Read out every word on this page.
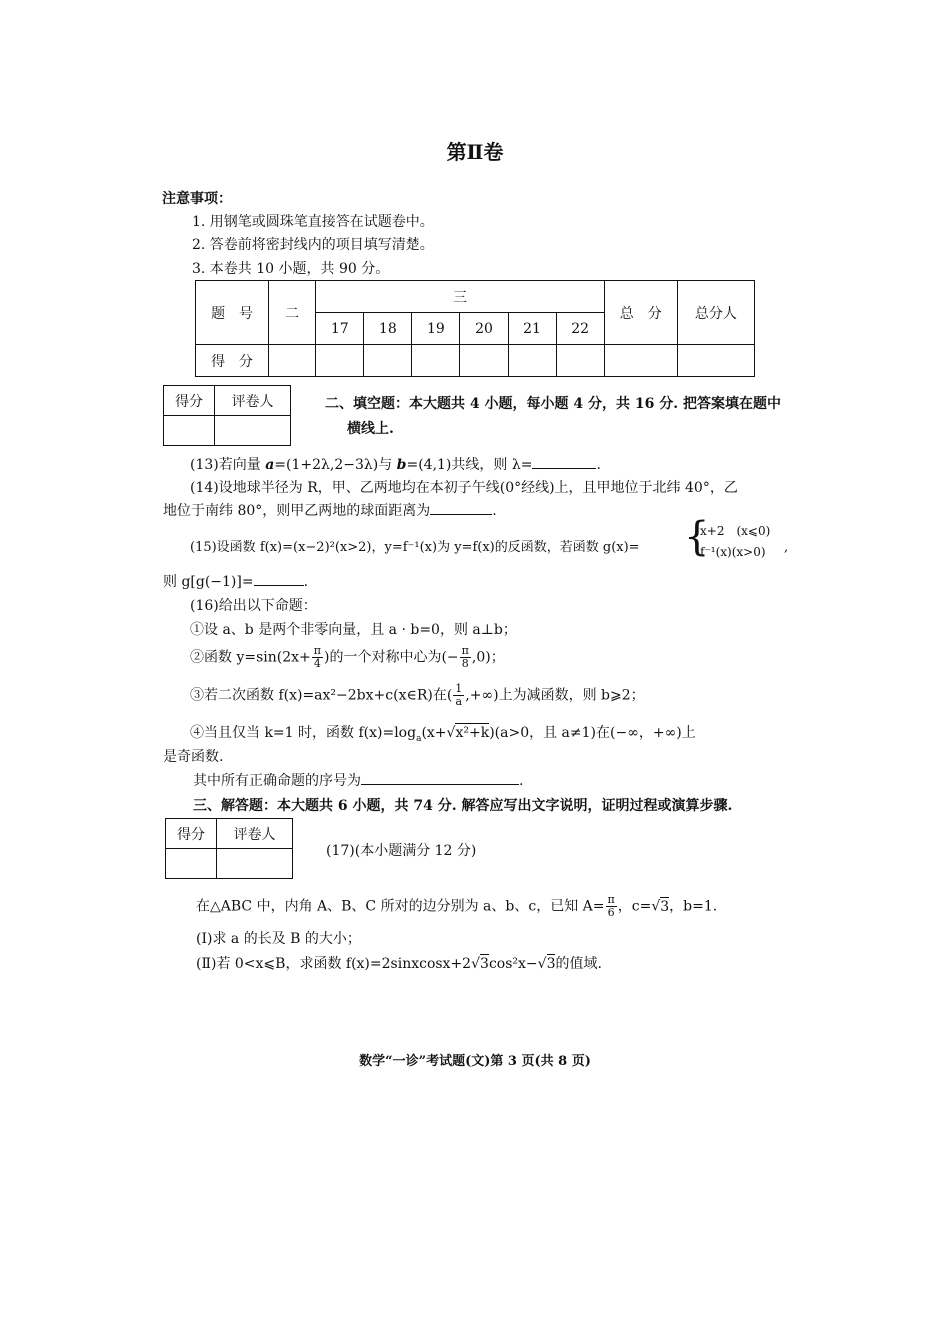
第Ⅱ卷
注意事项：
1. 用钢笔或圆珠笔直接答在试题卷中。
2. 答卷前将密封线内的项目填写清楚。
3. 本卷共 10 小题，共 90 分。
题　号	二	三						总　分	总分人
		17	18	19	20	21	22		
得　分									
得分	评卷人
		二、填空题：本大题共 4 小题，每小题 4 分，共 16 分. 把答案填在题中
横线上.
(13)若向量 a=(1+2λ,2−3λ)与 b=(4,1)共线，则 λ=	.
(14)设地球半径为 R，甲、乙两地均在本初子午线(0°经线)上，且甲地位于北纬 40°，乙
地位于南纬 80°，则甲乙两地的球面距离为	.
(15)设函数 f(x)=(x−2)²(x>2)，y=f⁻¹(x)为 y=f(x)的反函数，若函数 g(x)= {
x+2　(x⩽0)
f⁻¹(x)(x>0) ,
则 g[g(−1)]=	.
(16)给出以下命题：
①设 a、b 是两个非零向量，且 a · b=0，则 a⊥b；
②函数 $y=\sin(2x+ \frac{\pi}{4}$ )的一个对称中心为(− $\frac{\pi}{8} ,0$)；
③若二次函数 f(x)=ax²−2bx+c(x∈R)在( $\frac{1}{a}$ ,+∞)上为减函数，则 b⩾2；
④当且仅当 k=1 时，函数 $f(x)=\log_a(x+√x^2+k)(a>0$，且 a≠1)在(−∞，+∞)上
是奇函数.
其中所有正确命题的序号为	.
三、解答题：本大题共 6 小题，共 74 分. 解答应写出文字说明，证明过程或演算步骤.
得分	评卷人

(17)(本小题满分 12 分)
在△ABC 中，内角 A、B、C 所对的边分别为 a、b、c，已知 $A= \frac{\pi}{6}$ ，c=√3，b=1.
(Ⅰ)求 a 的长及 B 的大小；
(Ⅱ)若 0<x⩽B，求函数 f(x)=2sinxcosx+2√3cos²x−√3的值域.
数学“一诊”考试题(文)第 3 页(共 8 页)
